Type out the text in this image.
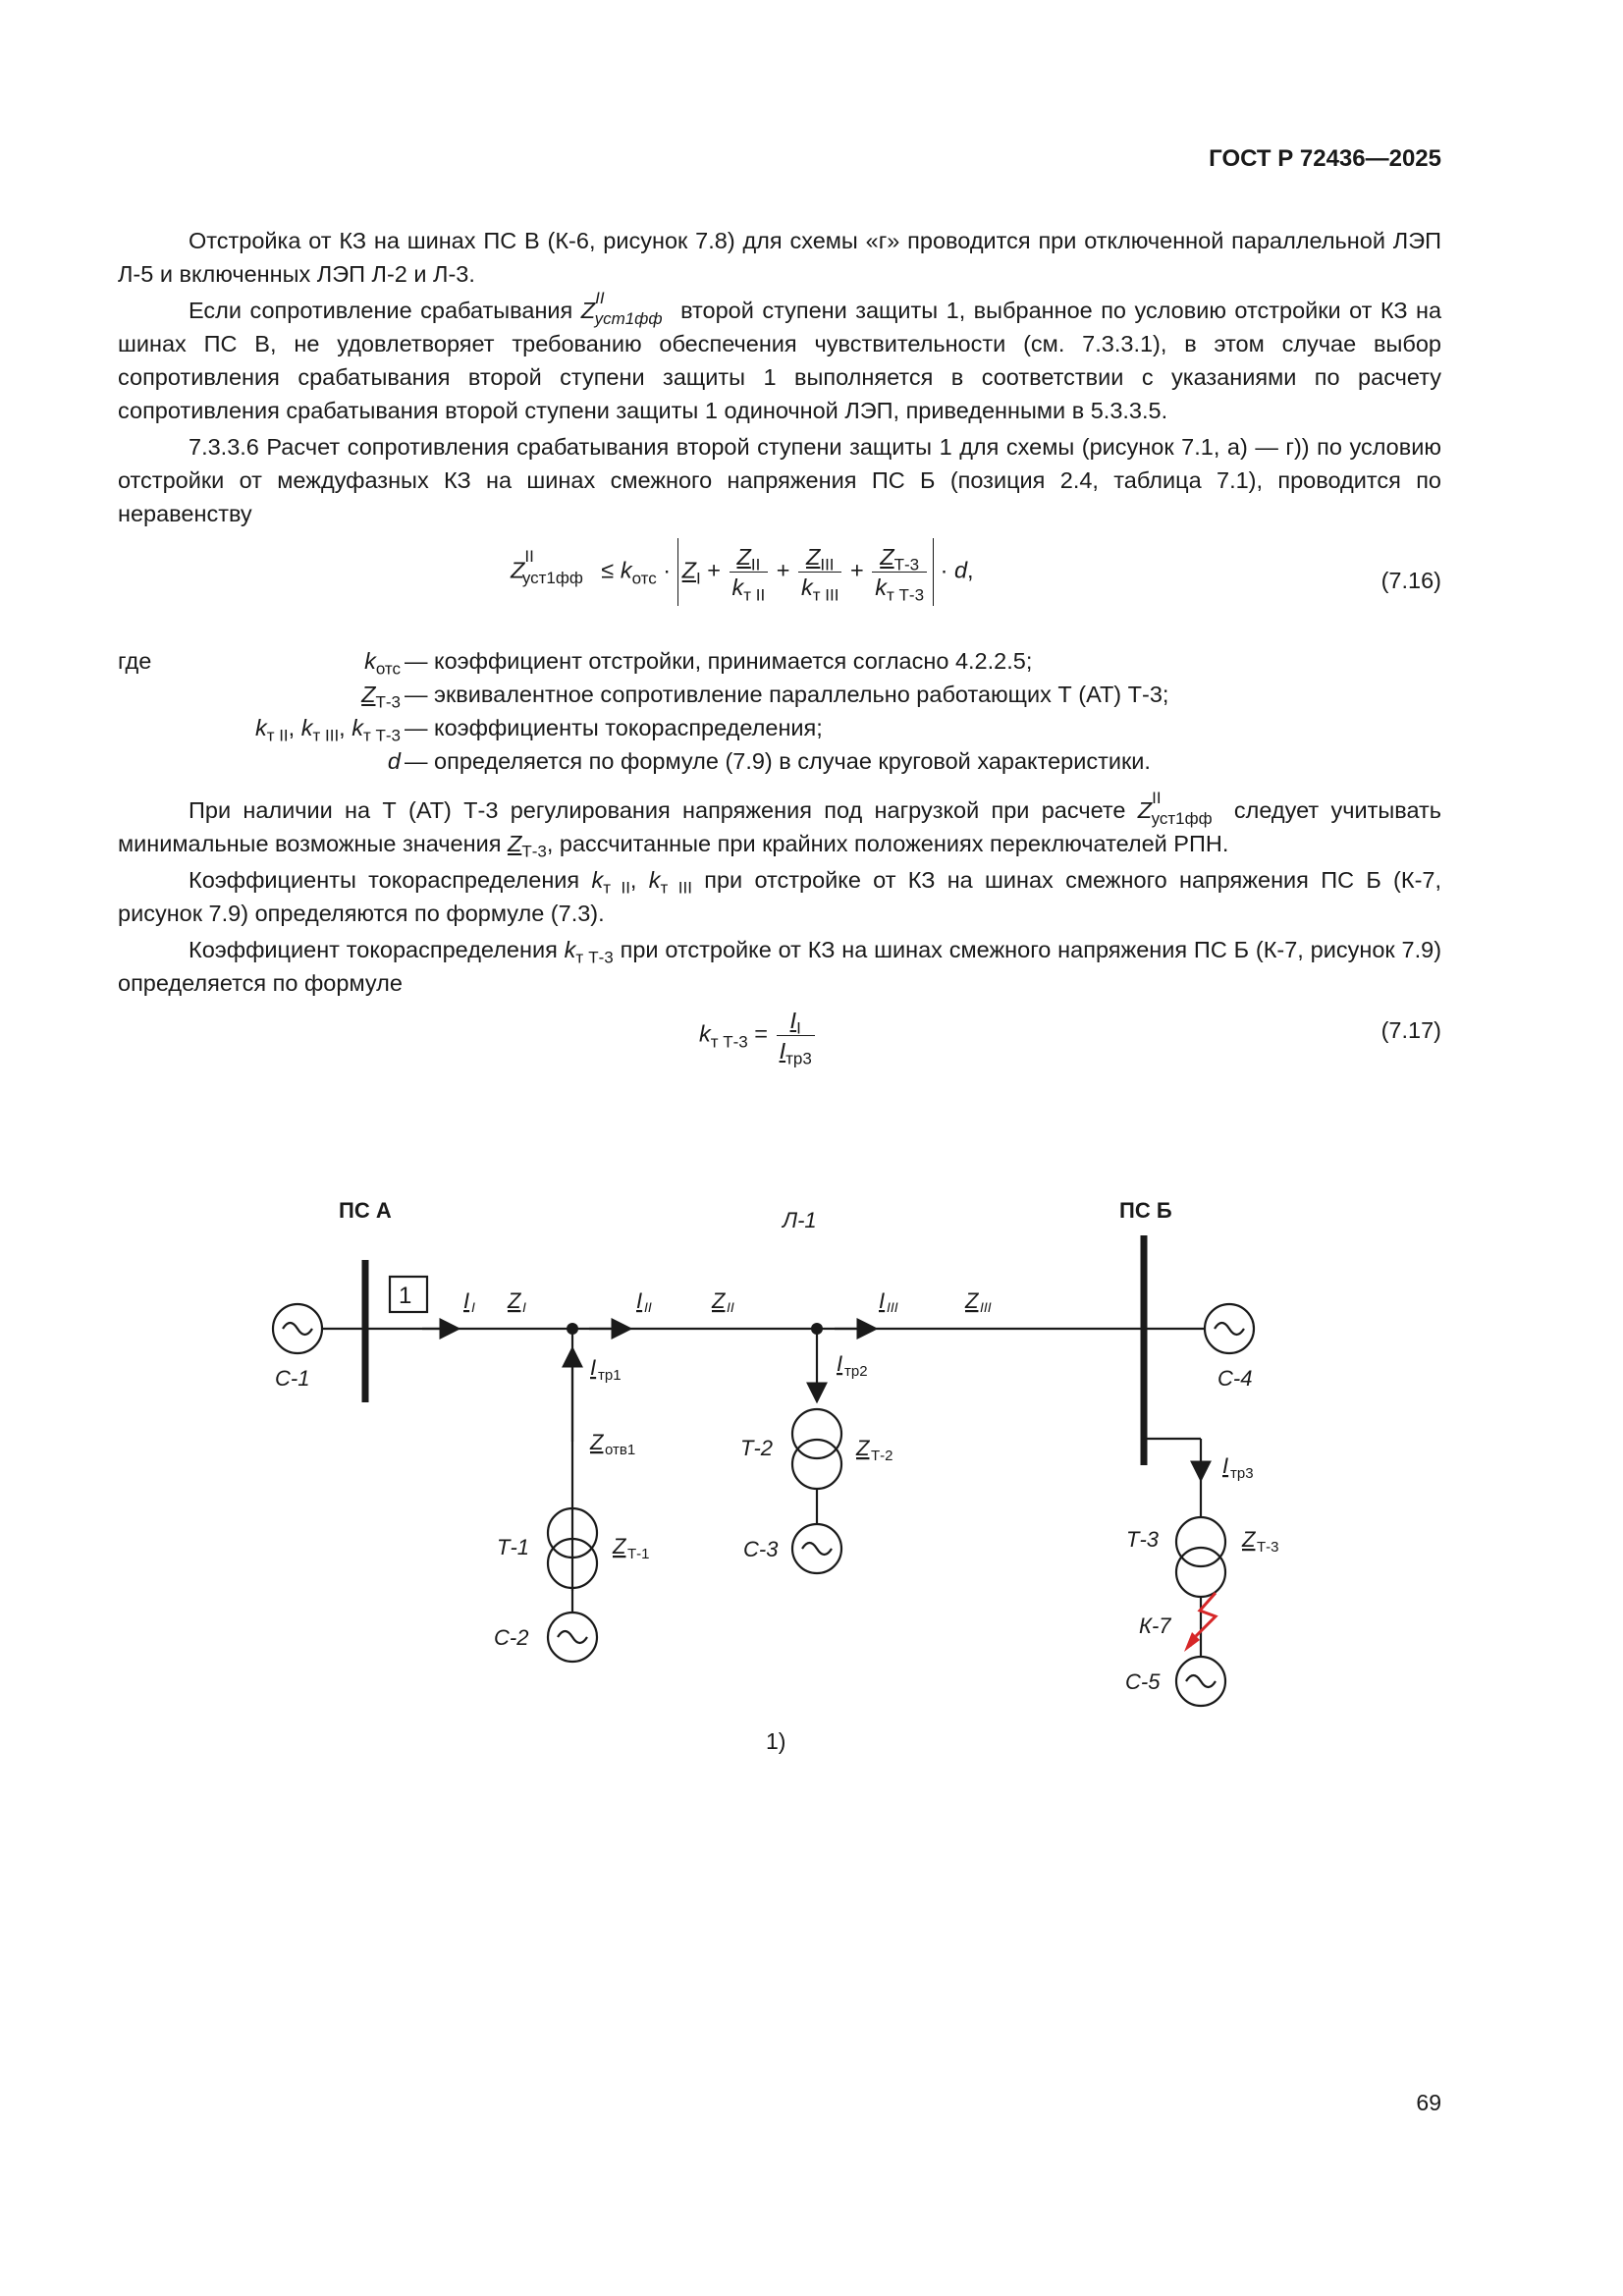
ГОСТ Р 72436—2025

Отстройка от КЗ на шинах ПС В (К-6, рисунок 7.8) для схемы «г» проводится при отключенной параллельной ЛЭП Л-5 и включенных ЛЭП Л-2 и Л-3.

Если сопротивление срабатывания $Z^{II}_{уст1фф}$ второй ступени защиты 1, выбранное по условию отстройки от КЗ на шинах ПС В, не удовлетворяет требованию обеспечения чувствительности (см. 7.3.3.1), в этом случае выбор сопротивления срабатывания второй ступени защиты 1 выполняется в соответствии с указаниями по расчету сопротивления срабатывания второй ступени защиты 1 одиночной ЛЭП, приведенными в 5.3.3.5.

7.3.3.6 Расчет сопротивления срабатывания второй ступени защиты 1 для схемы (рисунок 7.1, а) — г)) по условию отстройки от междуфазных КЗ на шинах смежного напряжения ПС Б (позиция 2.4, таблица 7.1), проводится по неравенству

$Z^{II}_{уст1фф} \le k_{отс} \cdot Z_I + \frac{Z_{II}}{k_{т II}} + \frac{Z_{III}}{k_{т III}} + \frac{Z_{Т-3}}{k_{т Т-3}} \cdot d$,	(7.16)
где	$k_{отс}$ — коэффициент отстройки, принимается согласно 4.2.2.5;
$Z_{Т-3}$ — эквивалентное сопротивление параллельно работающих Т (АТ) Т-3;
$k_{т II}$, $k_{т III}$, $k_{т Т-3}$ — коэффициенты токораспределения;
d — определяется по формуле (7.9) в случае круговой характеристики.

При наличии на Т (АТ) Т-3 регулирования напряжения под нагрузкой при расчете $Z^{II}_{уст1фф}$ следует учитывать минимальные возможные значения $Z_{Т-3}$, рассчитанные при крайних положениях переключателей РПН.

Коэффициенты токораспределения $k_{т II}$, $k_{т III}$ при отстройке от КЗ на шинах смежного напряжения ПС Б (К-7, рисунок 7.9) определяются по формуле (7.3).

Коэффициент токораспределения $k_{т Т-3}$ при отстройке от КЗ на шинах смежного напряжения ПС Б (К-7, рисунок 7.9) определяется по формуле

$k_{т Т-3} = \frac{I_I}{I_{тр3}}$	(7.17)
ПС А	ПС Б
Л-1
1
С-1
С-2
С-3
С-4
С-5
Т-1
Т-2
Т-3
К-7
I I Z I	I II	Z II	I III	Z III
I тр1
Z отв1
I тр2
Z Т-2
Z Т-1
I тр3
Z Т-3
1)
69
